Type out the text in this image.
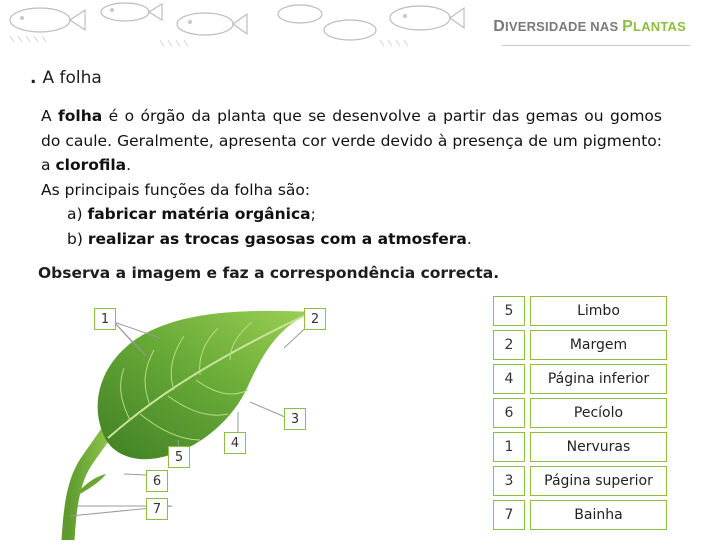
DIVERSIDADE NAS PLANTAS
. A folha

A folha é o órgão da planta que se desenvolve a partir das gemas ou gomos do caule. Geralmente, apresenta cor verde devido à presença de um pigmento: a clorofila.

As principais funções da folha são:

a) fabricar matéria orgânica;

b) realizar as trocas gasosas com a atmosfera.

Observa a imagem e faz a correspondência correcta.
1	2
3
4
5
6
7
5	Limbo
2	Margem
4	Página inferior
6	Pecíolo
1	Nervuras
3	Página superior
7	Bainha
